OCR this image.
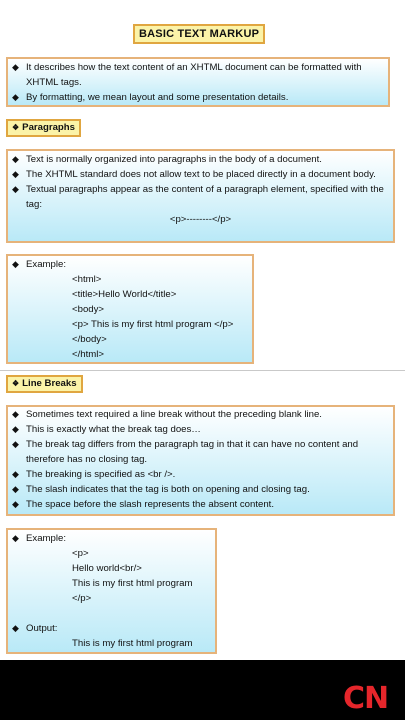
BASIC TEXT MARKUP
◆ It describes how the text content of an XHTML document can be formatted with XHTML tags.
◆ By formatting, we mean layout and some presentation details.
❖ Paragraphs
◆ Text is normally organized into paragraphs in the body of a document.
◆ The XHTML standard does not allow text to be placed directly in a document body.
◆ Textual paragraphs appear as the content of a paragraph element, specified with the tag:
<p>--------</p>
◆ Example:
<html>
<title>Hello World</title>
<body>
<p> This is my first html program </p>
</body>
</html>
❖ Line Breaks
◆ Sometimes text required a line break without the preceding blank line.
◆ This is exactly what the break tag does…
◆ The break tag differs from the paragraph tag in that it can have no content and therefore has no closing tag.
◆ The breaking is specified as <br />.
◆ The slash indicates that the tag is both on opening and closing tag.
◆ The space before the slash represents the absent content.
◆ Example:
<p>
Hello world<br/>
This is my first html program
</p>
◆ Output:
This is my first html program
CN
